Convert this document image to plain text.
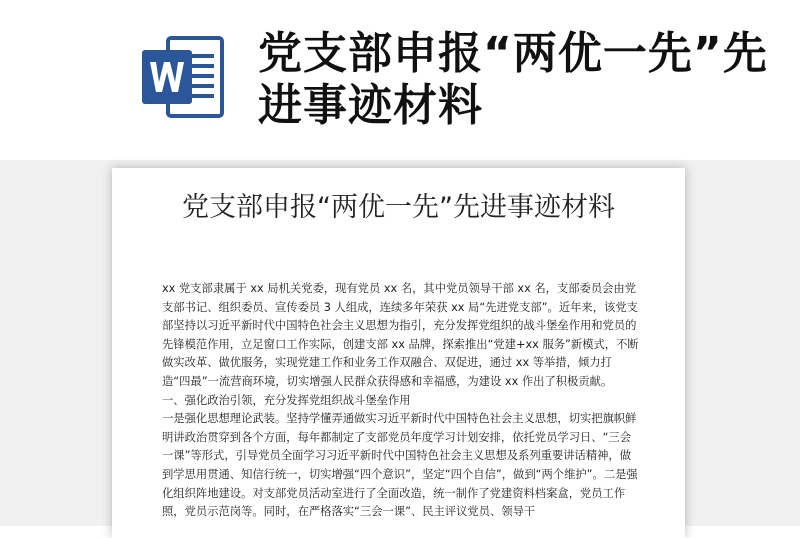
党支部申报“两优一先”先进事迹材料
党支部申报“两优一先”先进事迹材料

xx 党支部隶属于 xx 局机关党委，现有党员 xx 名，其中党员领导干部 xx 名，支部委员会由党支部书记、组织委员、宣传委员 3 人组成，连续多年荣获 xx 局“先进党支部”。近年来，该党支部坚持以习近平新时代中国特色社会主义思想为指引，充分发挥党组织的战斗堡垒作用和党员的先锋模范作用，立足窗口工作实际，创建支部 xx 品牌，探索推出“党建+xx 服务”新模式，不断做实改革、做优服务，实现党建工作和业务工作双融合、双促进，通过 xx 等举措，倾力打造“四最”一流营商环境，切实增强人民群众获得感和幸福感，为建设 xx 作出了积极贡献。

一、强化政治引领，充分发挥党组织战斗堡垒作用

一是强化思想理论武装。坚持学懂弄通做实习近平新时代中国特色社会主义思想，切实把旗帜鲜明讲政治贯穿到各个方面，每年都制定了支部党员年度学习计划安排，依托党员学习日、“三会一课”等形式，引导党员全面学习习近平新时代中国特色社会主义思想及系列重要讲话精神，做到学思用贯通、知信行统一，切实增强“四个意识”，坚定“四个自信”，做到“两个维护”。二是强化组织阵地建设。对支部党员活动室进行了全面改造，统一制作了党建资料档案盒，党员工作照，党员示范岗等。同时，在严格落实“三会一课”、民主评议党员、领导干
